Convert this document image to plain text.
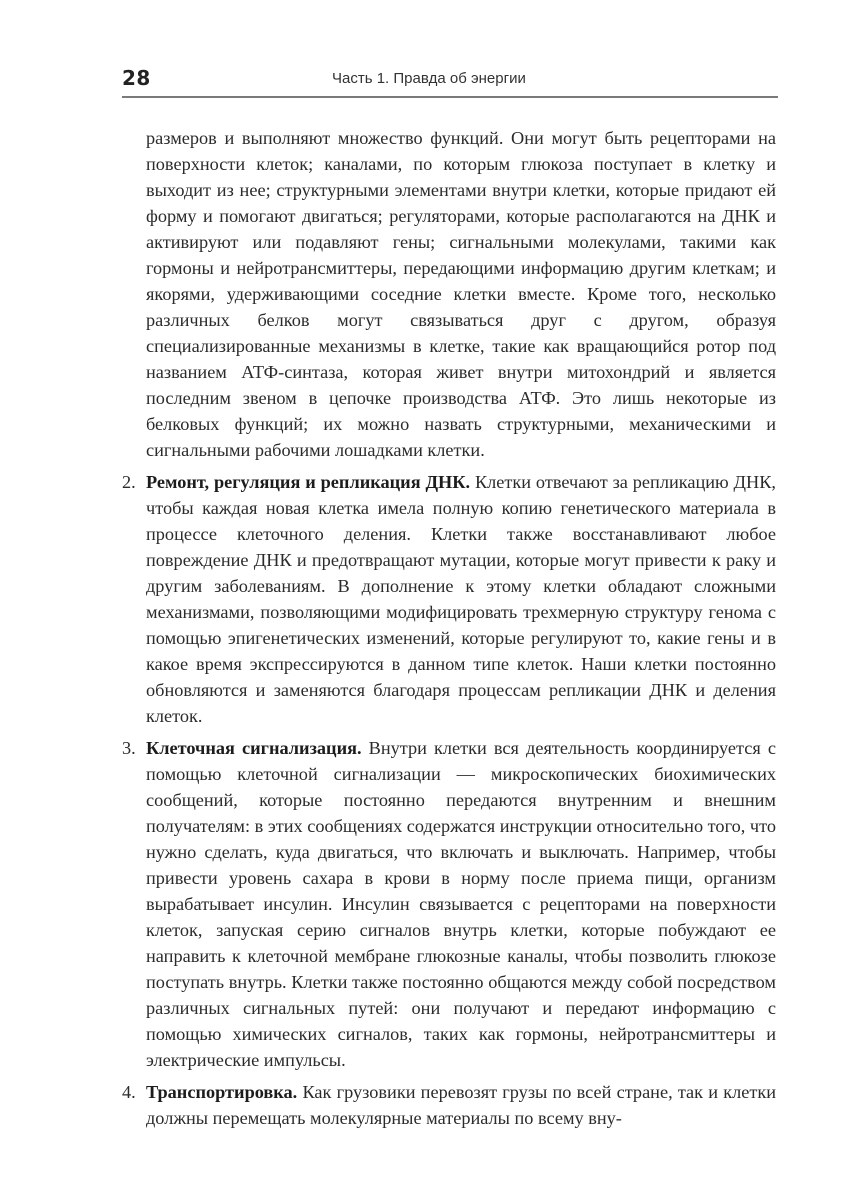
28	Часть 1. Правда об энергии

размеров и выполняют множество функций. Они могут быть рецепторами на поверхности клеток; каналами, по которым глюкоза поступает в клетку и выходит из нее; структурными элементами внутри клетки, которые придают ей форму и помогают двигаться; регуляторами, которые располагаются на ДНК и активируют или подавляют гены; сигнальными молекулами, такими как гормоны и нейротрансмиттеры, передающими информацию другим клеткам; и якорями, удерживающими соседние клетки вместе. Кроме того, несколько различных белков могут связываться друг с другом, образуя специализированные механизмы в клетке, такие как вращающийся ротор под названием АТФ-синтаза, которая живет внутри митохондрий и является последним звеном в цепочке производства АТФ. Это лишь некоторые из белковых функций; их можно назвать структурными, механическими и сигнальными рабочими лошадками клетки.

2. Ремонт, регуляция и репликация ДНК. Клетки отвечают за репликацию ДНК, чтобы каждая новая клетка имела полную копию генетического материала в процессе клеточного деления. Клетки также восстанавливают любое повреждение ДНК и предотвращают мутации, которые могут привести к раку и другим заболеваниям. В дополнение к этому клетки обладают сложными механизмами, позволяющими модифицировать трехмерную структуру генома с помощью эпигенетических изменений, которые регулируют то, какие гены и в какое время экспрессируются в данном типе клеток. Наши клетки постоянно обновляются и заменяются благодаря процессам репликации ДНК и деления клеток.

3. Клеточная сигнализация. Внутри клетки вся деятельность координируется с помощью клеточной сигнализации — микроскопических биохимических сообщений, которые постоянно передаются внутренним и внешним получателям: в этих сообщениях содержатся инструкции относительно того, что нужно сделать, куда двигаться, что включать и выключать. Например, чтобы привести уровень сахара в крови в норму после приема пищи, организм вырабатывает инсулин. Инсулин связывается с рецепторами на поверхности клеток, запуская серию сигналов внутрь клетки, которые побуждают ее направить к клеточной мембране глюкозные каналы, чтобы позволить глюкозе поступать внутрь. Клетки также постоянно общаются между собой посредством различных сигнальных путей: они получают и передают информацию с помощью химических сигналов, таких как гормоны, нейротрансмиттеры и электрические импульсы.

4. Транспортировка. Как грузовики перевозят грузы по всей стране, так и клетки должны перемещать молекулярные материалы по всему вну-
